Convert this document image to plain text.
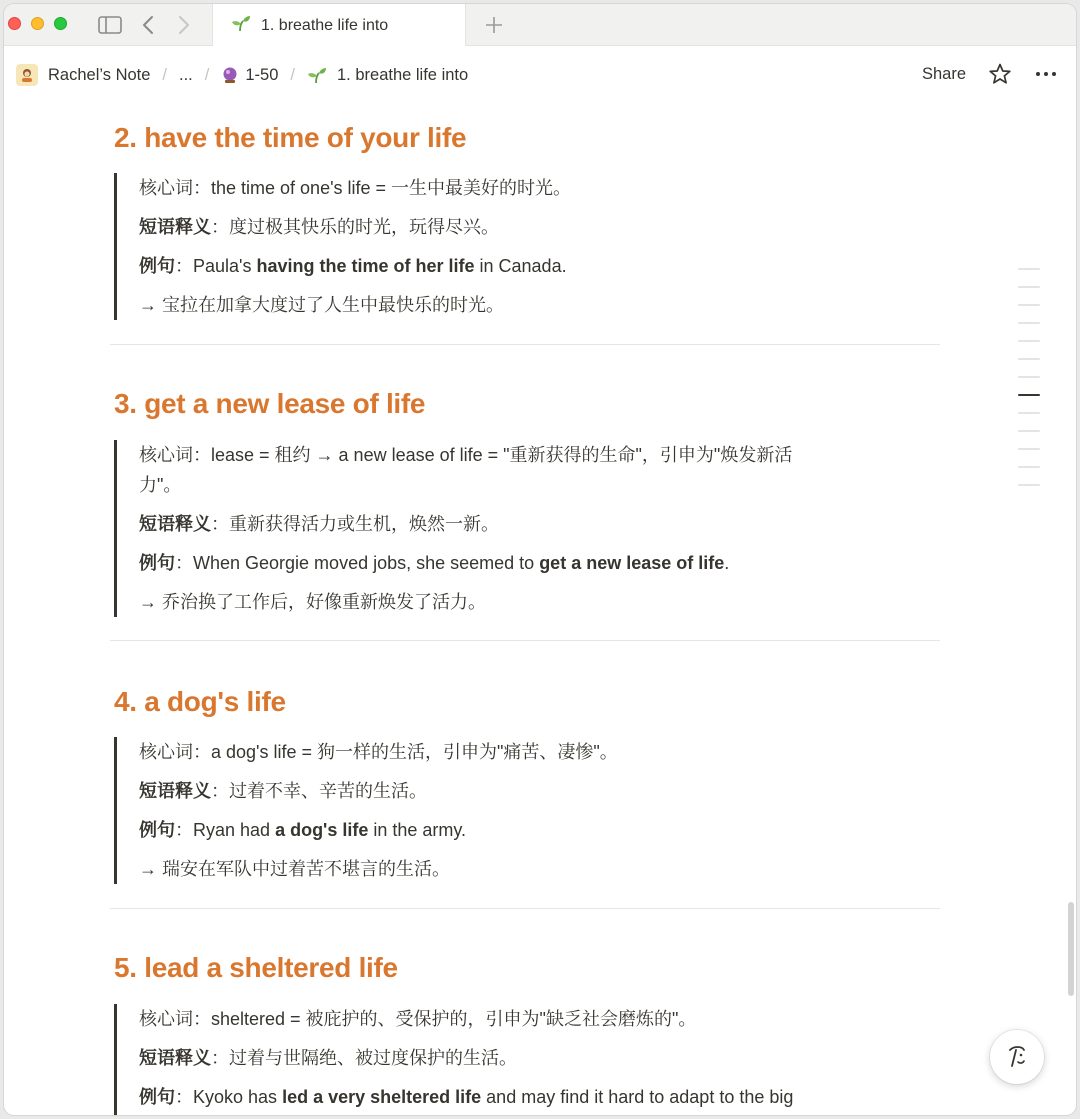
1. breathe life into
Rachel’s Note / ... / 1-50 /	1. breathe life into	Share
2. have the time of your life
核心词：the time of one's life = 一生中最美好的时光。
短语释义：度过极其快乐的时光，玩得尽兴。
例句：Paula's having the time of her life in Canada.
→ 宝拉在加拿大度过了人生中最快乐的时光。
3. get a new lease of life
核心词：lease = 租约 → a new lease of life = "重新获得的生命"，引申为"焕发新活
力"。
短语释义：重新获得活力或生机，焕然一新。
例句：When Georgie moved jobs, she seemed to get a new lease of life.
→ 乔治换了工作后，好像重新焕发了活力。
4. a dog's life
核心词：a dog's life = 狗一样的生活，引申为"痛苦、凄惨"。
短语释义：过着不幸、辛苦的生活。
例句：Ryan had a dog's life in the army.
→ 瑞安在军队中过着苦不堪言的生活。
5. lead a sheltered life
核心词：sheltered = 被庇护的、受保护的，引申为"缺乏社会磨炼的"。
短语释义：过着与世隔绝、被过度保护的生活。
例句：Kyoko has led a very sheltered life and may find it hard to adapt to the big
